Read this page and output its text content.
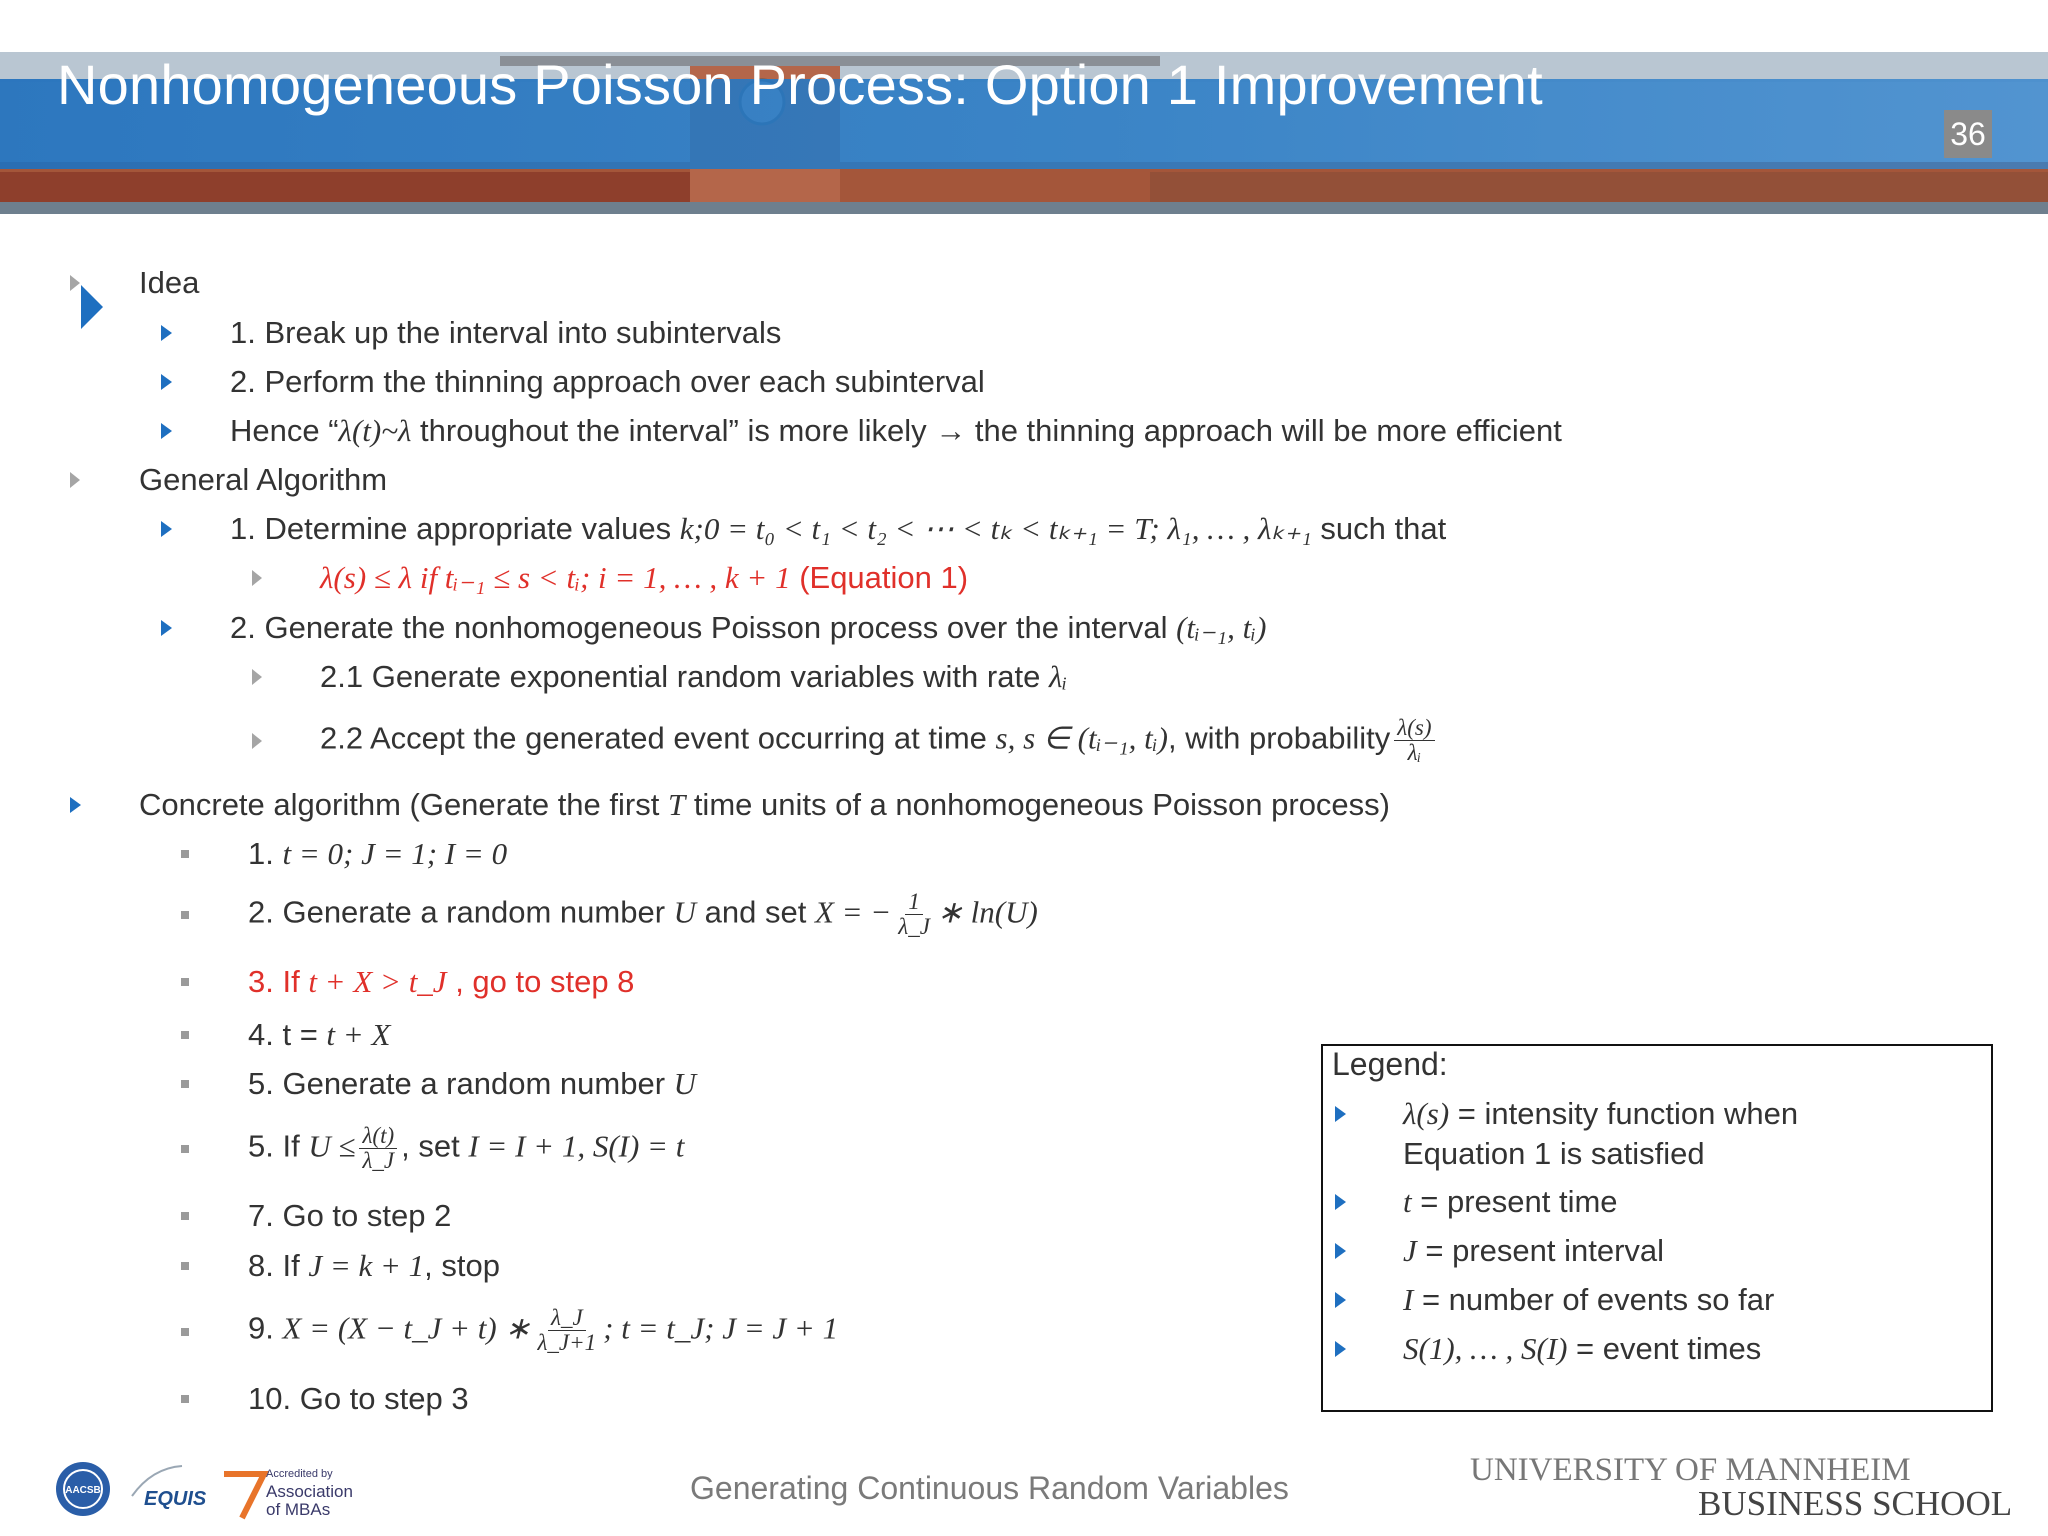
Nonhomogeneous Poisson Process: Option 1 Improvement
36
Idea
1. Break up the interval into subintervals
2. Perform the thinning approach over each subinterval
Hence “λ(t)~λ throughout the interval” is more likely → the thinning approach will be more efficient
General Algorithm
1. Determine appropriate values k;0 = t₀ < t₁ < t₂ < ⋯ < tₖ < tₖ₊₁ = T; λ₁, … , λₖ₊₁ such that
λ(s) ≤ λ if tᵢ₋₁ ≤ s < tᵢ; i = 1, … , k + 1 (Equation 1)
2. Generate the nonhomogeneous Poisson process over the interval (tᵢ₋₁, tᵢ)
2.1 Generate exponential random variables with rate λᵢ
2.2 Accept the generated event occurring at time s, s ∈ (tᵢ₋₁, tᵢ), with probability $\frac{\lambda(s)}{\text{λᵢ}}$
Concrete algorithm (Generate the first T time units of a nonhomogeneous Poisson process)
1. t = 0; J = 1; I = 0
2. Generate a random number U and set X = − $\frac{1}{\lambda\_J}$ ∗ ln(U)
3. If t + X > t_J , go to step 8
4. t = t + X
5. Generate a random number U
5. If $U \le \frac{\lambda(t)}{\lambda\_J}$ , set I = I + 1, S(I) = t
7. Go to step 2
8. If J = k + 1, stop
9. X = (X − t_J + t) ∗ $\frac{\lambda\_J}{\lambda\_J+1}$ ; t = t_J; J = J + 1
10. Go to step 3
Legend:
λ(s) = intensity function when
Equation 1 is satisfied
t = present time
J = present interval
I = number of events so far
S(1), … , S(I) = event times
AACSB EQUIS
Accredited by
Association
of MBAs
Generating Continuous Random Variables	UNIVERSITY OF MANNHEIM
BUSINESS SCHOOL
